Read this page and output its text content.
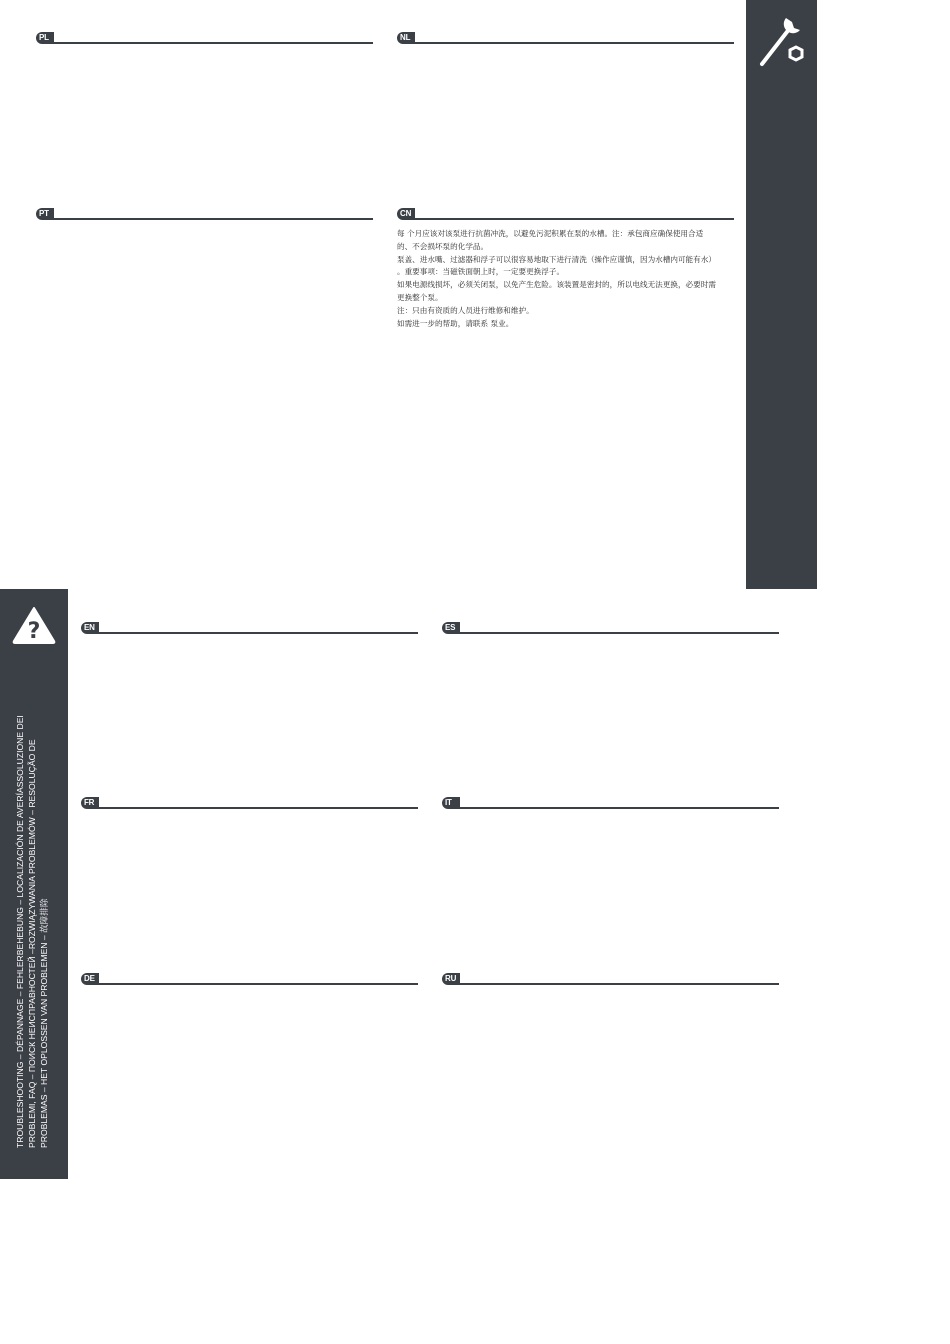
PL	NL
PT	CN
每 个月应该对该泵进行抗菌冲洗，以避免污泥积累在泵的水槽。注：承包商应确保使用合适
的、不会损坏泵的化学品。
泵盖、进水嘴、过滤器和浮子可以很容易地取下进行清洗（操作应谨慎，因为水槽内可能有水）
。重要事项：当磁铁面朝上时，一定要更换浮子。
如果电源线损坏，必须关闭泵，以免产生危险。该装置是密封的，所以电线无法更换，必要时需
更换整个泵。
注：只由有资质的人员进行维修和维护。
如需进一步的帮助，请联系 泵业。
?
TROUBLESHOOTING – DÉPANNAGE – FEHLERBEHEBUNG – LOCALIZACIÓN DE AVERÍASSOLUZIONE DEI PROBLEMI, FAQ – ПОИСК НЕИСПРАВНОСТЕЙ –ROZWIĄZYWANIA PROBLEMÓW – RESOLUÇÃO DE PROBLEMAS – HET OPLOSSEN VAN PROBLEMEN – 故障排除
EN	ES
FR	IT
DE	RU
